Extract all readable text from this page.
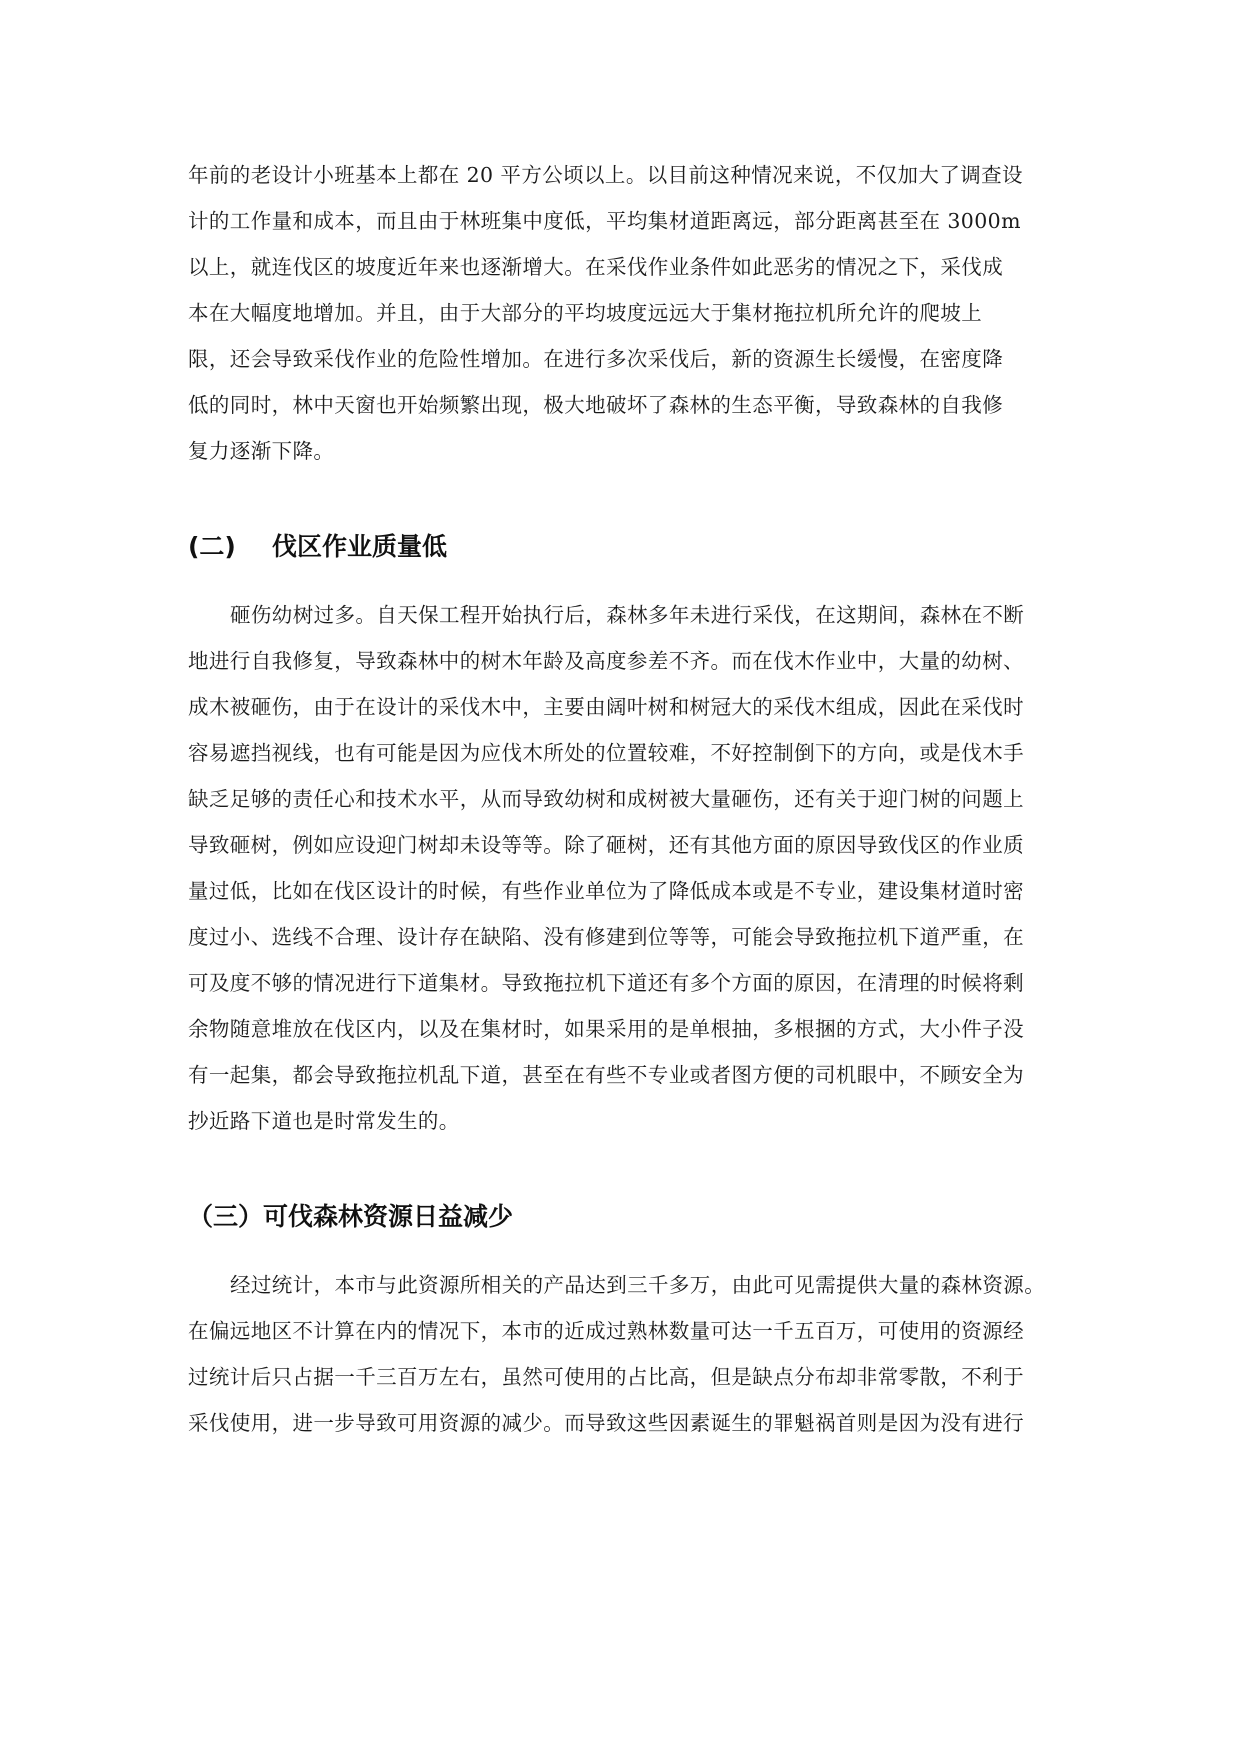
年前的老设计小班基本上都在 20 平方公顷以上。以目前这种情况来说，不仅加大了调查设
计的工作量和成本，而且由于林班集中度低，平均集材道距离远，部分距离甚至在 3000m
以上，就连伐区的坡度近年来也逐渐增大。在采伐作业条件如此恶劣的情况之下，采伐成
本在大幅度地增加。并且，由于大部分的平均坡度远远大于集材拖拉机所允许的爬坡上
限，还会导致采伐作业的危险性增加。在进行多次采伐后，新的资源生长缓慢，在密度降
低的同时，林中天窗也开始频繁出现，极大地破坏了森林的生态平衡，导致森林的自我修
复力逐渐下降。
(二) 伐区作业质量低
砸伤幼树过多。自天保工程开始执行后，森林多年未进行采伐，在这期间，森林在不断
地进行自我修复，导致森林中的树木年龄及高度参差不齐。而在伐木作业中，大量的幼树、
成木被砸伤，由于在设计的采伐木中，主要由阔叶树和树冠大的采伐木组成，因此在采伐时
容易遮挡视线，也有可能是因为应伐木所处的位置较难，不好控制倒下的方向，或是伐木手
缺乏足够的责任心和技术水平，从而导致幼树和成树被大量砸伤，还有关于迎门树的问题上
导致砸树，例如应设迎门树却未设等等。除了砸树，还有其他方面的原因导致伐区的作业质
量过低，比如在伐区设计的时候，有些作业单位为了降低成本或是不专业，建设集材道时密
度过小、选线不合理、设计存在缺陷、没有修建到位等等，可能会导致拖拉机下道严重，在
可及度不够的情况进行下道集材。导致拖拉机下道还有多个方面的原因，在清理的时候将剩
余物随意堆放在伐区内，以及在集材时，如果采用的是单根抽，多根捆的方式，大小件子没
有一起集，都会导致拖拉机乱下道，甚至在有些不专业或者图方便的司机眼中，不顾安全为
抄近路下道也是时常发生的。
（三）可伐森林资源日益减少
经过统计，本市与此资源所相关的产品达到三千多万，由此可见需提供大量的森林资源。
在偏远地区不计算在内的情况下，本市的近成过熟林数量可达一千五百万，可使用的资源经
过统计后只占据一千三百万左右，虽然可使用的占比高，但是缺点分布却非常零散，不利于
采伐使用，进一步导致可用资源的减少。而导致这些因素诞生的罪魁祸首则是因为没有进行
